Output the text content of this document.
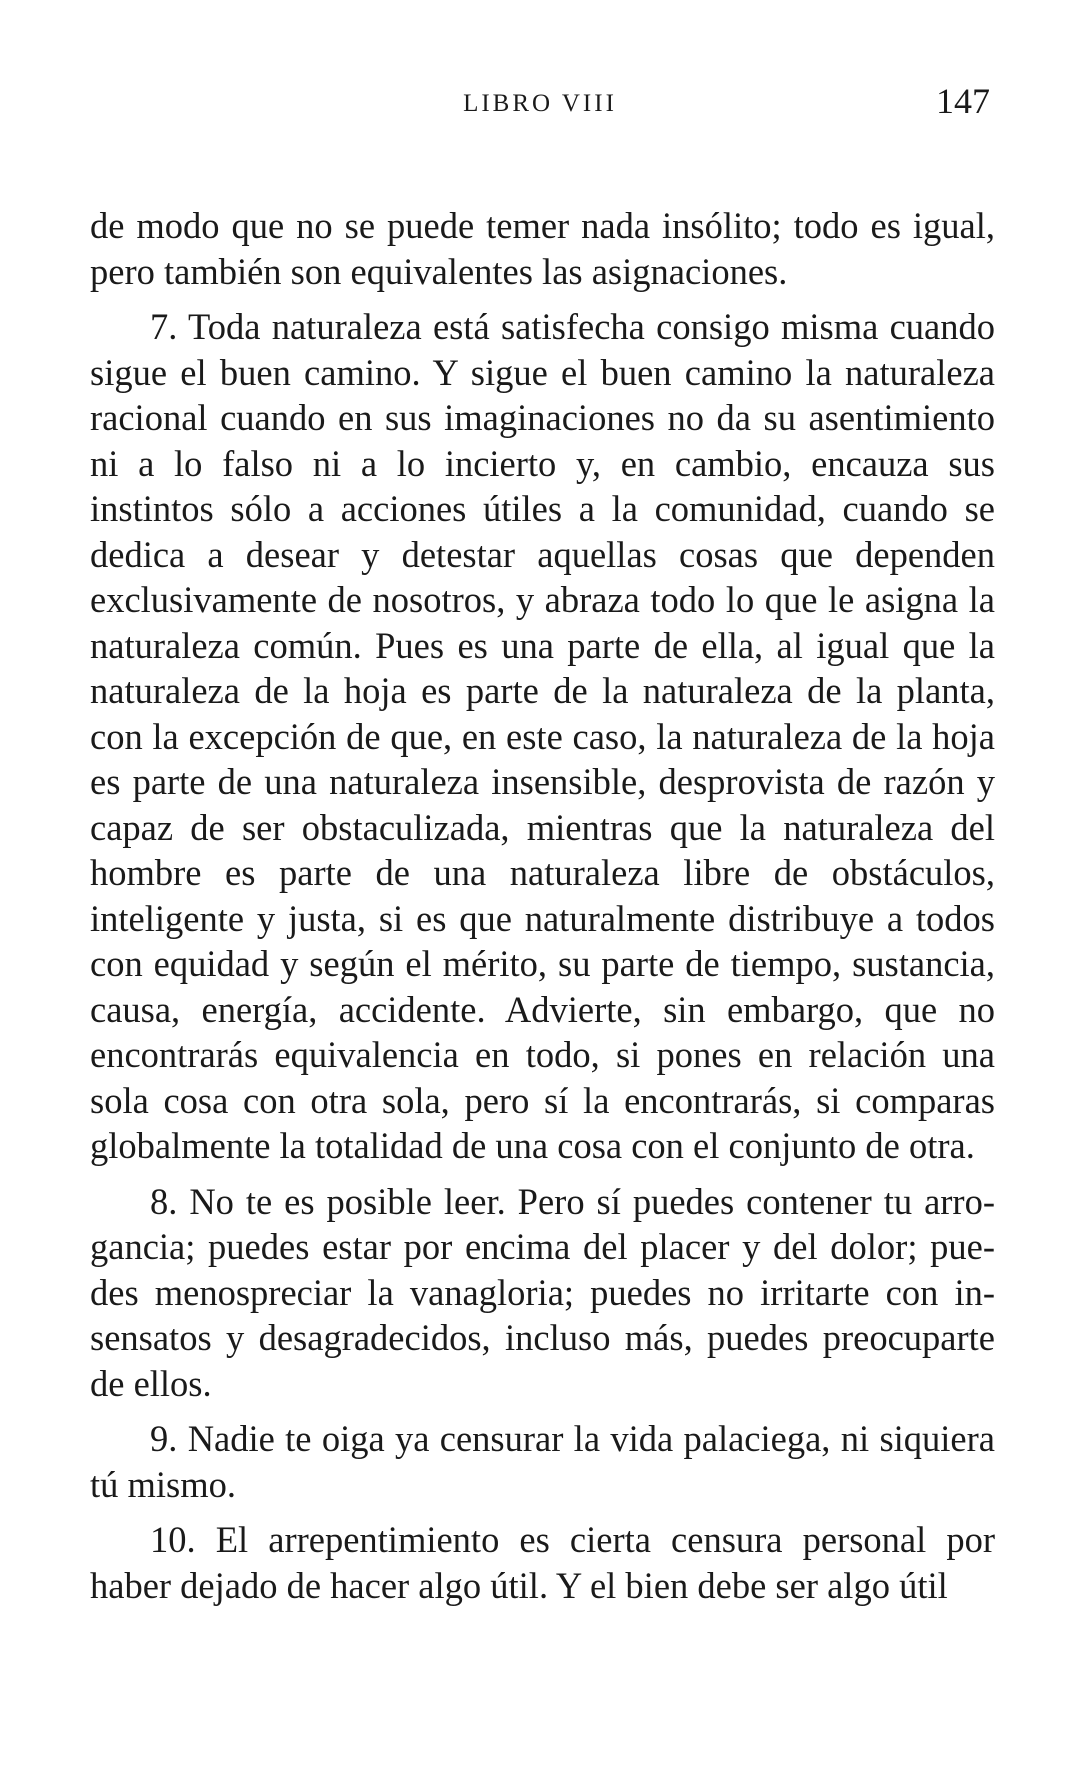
LIBRO VIII	147

de modo que no se puede temer nada insólito; todo es igual, pero también son equivalentes las asignaciones.

7. Toda naturaleza está satisfecha consigo misma cuando sigue el buen camino. Y sigue el buen camino la naturaleza racional cuando en sus imaginaciones no da su asentimiento ni a lo falso ni a lo incierto y, en cambio, encauza sus instintos sólo a acciones útiles a la comunidad, cuando se dedica a desear y detestar aquellas cosas que dependen exclusivamente de nosotros, y abraza todo lo que le asigna la naturaleza común. Pues es una parte de ella, al igual que la naturaleza de la hoja es parte de la naturaleza de la planta, con la excepción de que, en este caso, la naturaleza de la hoja es parte de una naturaleza insensible, desprovista de razón y capaz de ser obstaculizada, mientras que la naturaleza del hombre es parte de una naturaleza libre de obstáculos, inteligente y justa, si es que naturalmente distribuye a todos con equidad y según el mérito, su parte de tiempo, sustancia, causa, energía, accidente. Advierte, sin embargo, que no encontrarás equivalencia en todo, si pones en relación una sola cosa con otra sola, pero sí la encontrarás, si comparas globalmente la totalidad de una cosa con el conjunto de otra.

8. No te es posible leer. Pero sí puedes contener tu arrogancia; puedes estar por encima del placer y del dolor; puedes menospreciar la vanagloria; puedes no irritarte con insensatos y desagradecidos, incluso más, puedes preocuparte de ellos.

9. Nadie te oiga ya censurar la vida palaciega, ni siquiera tú mismo.

10. El arrepentimiento es cierta censura personal por haber dejado de hacer algo útil. Y el bien debe ser algo útil
